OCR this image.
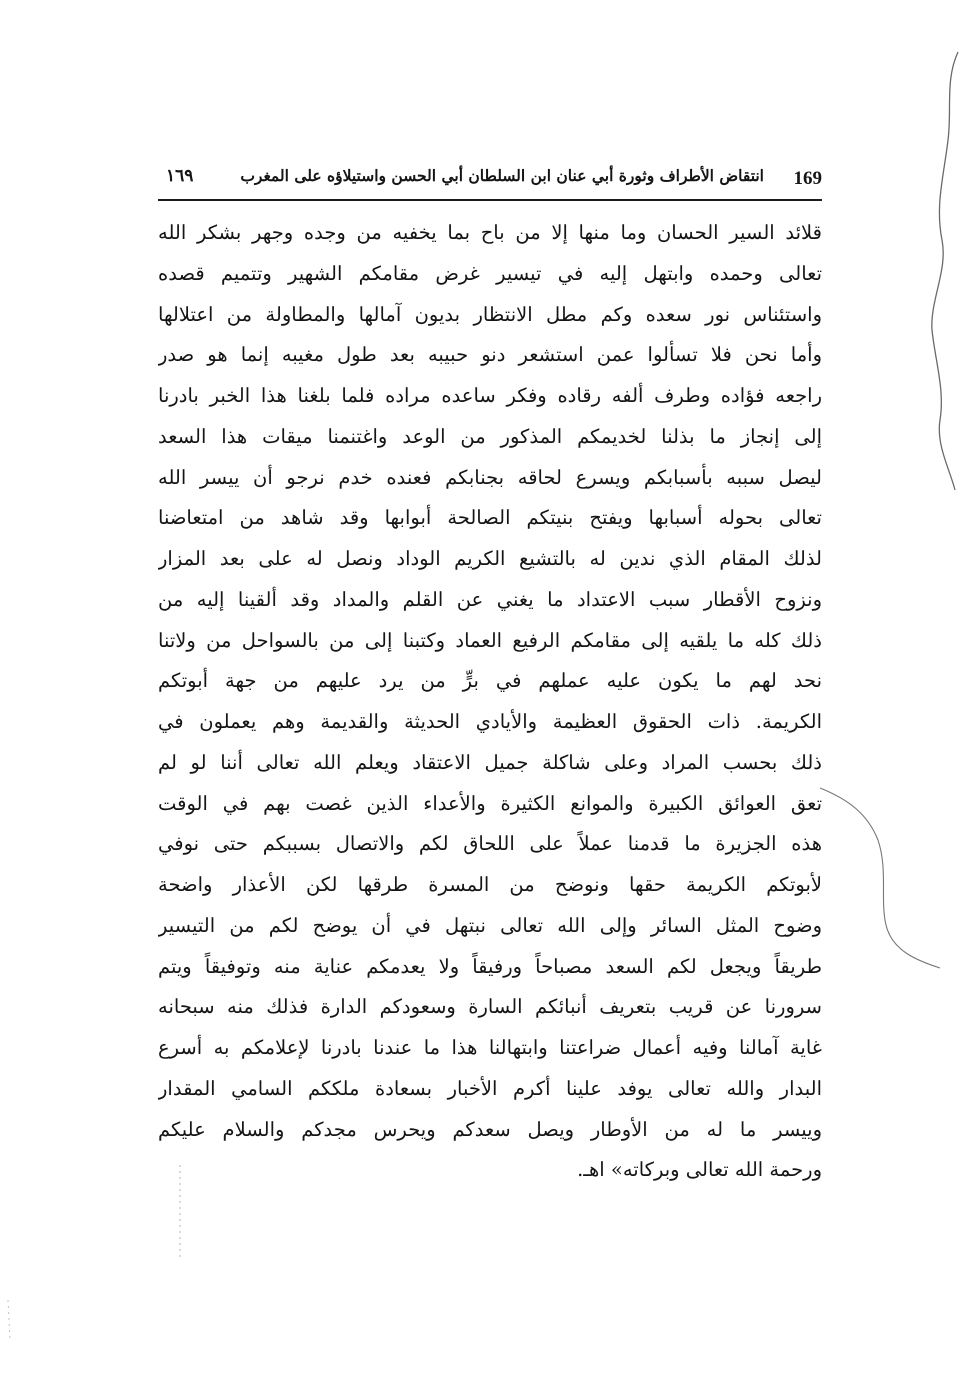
169
انتقاض الأطراف وثورة أبي عنان ابن السلطان أبي الحسن واستيلاؤه على المغرب
١٦٩
قلائد السير الحسان وما منها إلا من باح بما يخفيه من وجده وجهر بشكر الله
تعالى وحمده وابتهل إليه في تيسير غرض مقامكم الشهير وتتميم قصده
واستئناس نور سعده وكم مطل الانتظار بديون آمالها والمطاولة من اعتلالها
وأما نحن فلا تسألوا عمن استشعر دنو حبيبه بعد طول مغيبه إنما هو صدر
راجعه فؤاده وطرف ألفه رقاده وفكر ساعده مراده فلما بلغنا هذا الخبر بادرنا
إلى إنجاز ما بذلنا لخديمكم المذكور من الوعد واغتنمنا ميقات هذا السعد
ليصل سببه بأسبابكم ويسرع لحاقه بجنابكم فعنده خدم نرجو أن ييسر الله
تعالى بحوله أسبابها ويفتح بنيتكم الصالحة أبوابها وقد شاهد من امتعاضنا
لذلك المقام الذي ندين له بالتشيع الكريم الوداد ونصل له على بعد المزار
ونزوح الأقطار سبب الاعتداد ما يغني عن القلم والمداد وقد ألقينا إليه من
ذلك كله ما يلقيه إلى مقامكم الرفيع العماد وكتبنا إلى من بالسواحل من ولاتنا
نحد لهم ما يكون عليه عملهم في برٍّ من يرد عليهم من جهة أبوتكم
الكريمة. ذات الحقوق العظيمة والأيادي الحديثة والقديمة وهم يعملون في
ذلك بحسب المراد وعلى شاكلة جميل الاعتقاد ويعلم الله تعالى أننا لو لم
تعق العوائق الكبيرة والموانع الكثيرة والأعداء الذين غصت بهم في الوقت
هذه الجزيرة ما قدمنا عملاً على اللحاق لكم والاتصال بسببكم حتى نوفي
لأبوتكم الكريمة حقها ونوضح من المسرة طرقها لكن الأعذار واضحة
وضوح المثل السائر وإلى الله تعالى نبتهل في أن يوضح لكم من التيسير
طريقاً ويجعل لكم السعد مصباحاً ورفيقاً ولا يعدمكم عناية منه وتوفيقاً ويتم
سرورنا عن قريب بتعريف أنبائكم السارة وسعودكم الدارة فذلك منه سبحانه
غاية آمالنا وفيه أعمال ضراعتنا وابتهالنا هذا ما عندنا بادرنا لإعلامكم به أسرع
البدار والله تعالى يوفد علينا أكرم الأخبار بسعادة ملككم السامي المقدار
وييسر ما له من الأوطار ويصل سعدكم ويحرس مجدكم والسلام عليكم
ورحمة الله تعالى وبركاته» اهـ.
